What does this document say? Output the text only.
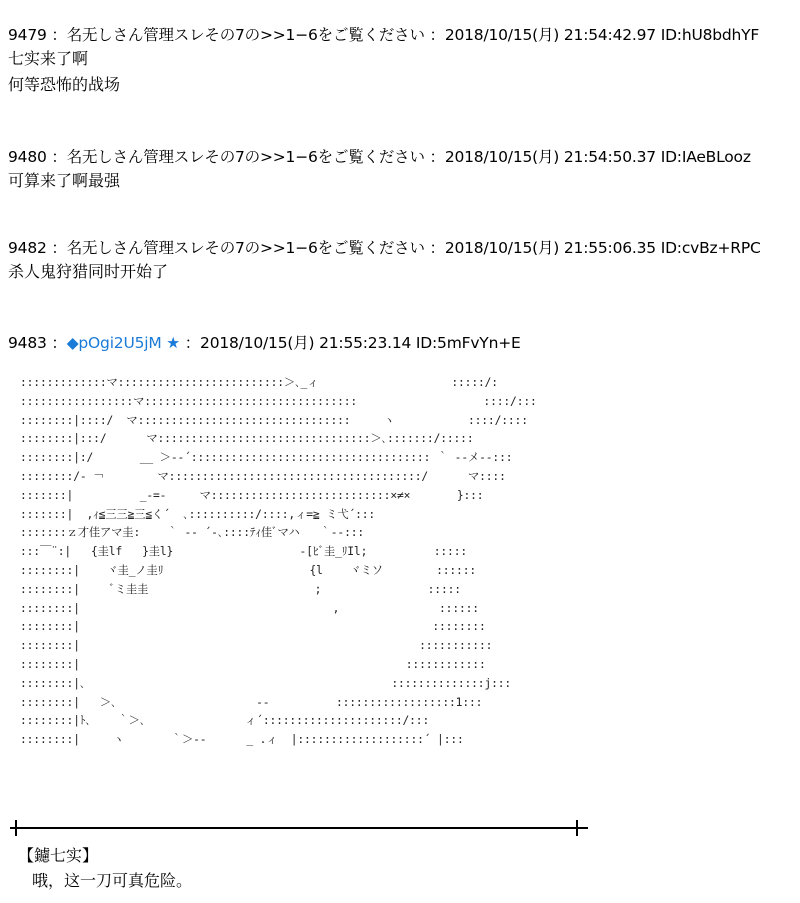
9479 ：名无しさん管理スレその7の>>1−6をご覧ください ：2018/10/15(月) 21:54:42.97 ID:hU8bdhYF
七实来了啊
何等恐怖的战场
9480 ：名无しさん管理スレその7の>>1−6をご覧ください ：2018/10/15(月) 21:54:50.37 ID:IAeBLooz
可算来了啊最强
9482 ：名无しさん管理スレその7の>>1−6をご覧ください ：2018/10/15(月) 21:55:06.35 ID:cvBz+RPC
杀人鬼狩猎同时开始了
9483 ：◆pOgi2U5jM ★ ：2018/10/15(月) 21:55:23.14 ID:5mFvYn+E
:::::::::::::マ:::::::::::::::::::::::::＞､_ィ                    :::::/:
:::::::::::::::::マ::::::::::::::::::::::::::::::::                   ::::/:::
::::::::|::::/  マ::::::::::::::::::::::::::::::::     ヽ           ::::/::::
::::::::|:::/      マ::::::::::::::::::::::::::::::::＞､:::::::/:::::
::::::::|:/       __ ＞‐‐´:::::::::::::::::::::::::::::::::::: ｀ ‐‐メ‐‐:::
::::::::/‐ ￢        マ::::::::::::::::::::::::::::::::::::::/      マ::::
:::::::|          _-=-     マ:::::::::::::::::::::::::::×≠×       }:::
:::::::|  ,ｨ≦三三≧三≦く´  ､::::::::::/::::,ィ=≧ ミ弋´:::
:::::::ｚ才佳アマ圭:    ｀ ‐‐ ´‐､::::ﾃｨ佳ﾞマハ   ｀‐‐:::
:::￣¨:|   {圭lf   }圭l}                   ‐[ﾋﾞ圭_ﾘIl;          :::::
::::::::|    ヾ圭_ノ圭ﾘ                      {l    ヾミソ        ::::::
::::::::|     ﾞミ圭圭                         ;                :::::
::::::::|                                      ,               ::::::
::::::::|                                                     ::::::::
::::::::|                                                   :::::::::::
::::::::|                                                 ::::::::::::
::::::::|､                                              ::::::::::::::j:::
::::::::|   ＞､                     ‐‐          ::::::::::::::::::1:::
::::::::|ﾄ､    ｀＞､               ィ´:::::::::::::::::::::/:::
::::::::|     ヽ       ｀＞‐‐      _ .ィ  |:::::::::::::::::::´ |:::
【鑢七实】
哦，这一刀可真危险。
